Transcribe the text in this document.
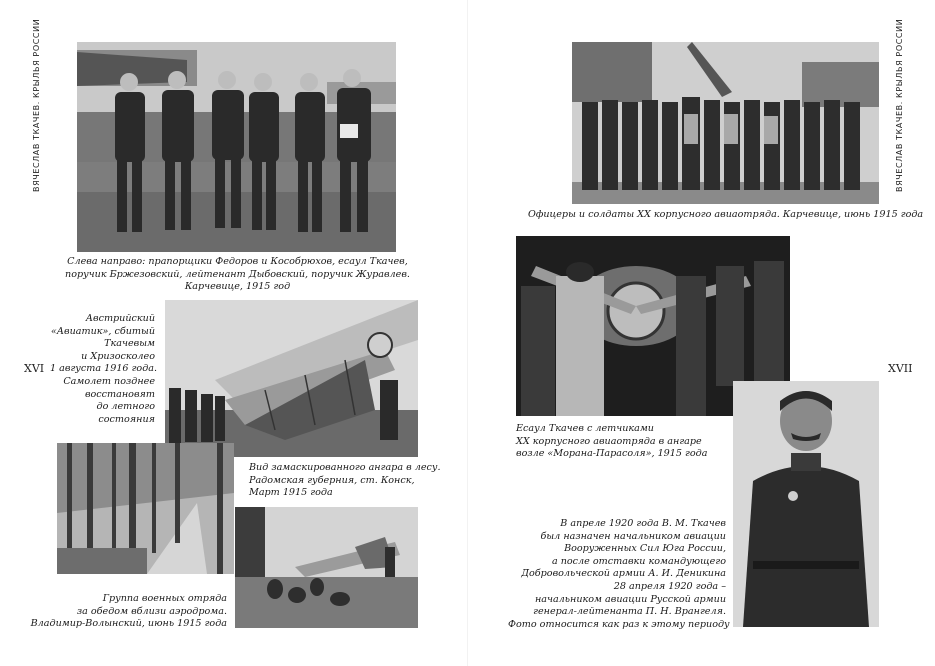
ВЯЧЕСЛАВ ТКАЧЕВ. КРЫЛЬЯ РОССИИ
XVI
Слева направо: прапорщики Федоров и Кособрюхов, есаул Ткачев,
поручик Бржезовский, лейтенант Дыбовский, поручик Журавлев.
Карчевице, 1915 год
Австрийский
«Авиатик», сбитый
Ткачевым
и Хризосколео
1 августа 1916 года.
Самолет позднее
восстановят
до летного
состояния
Вид замаскированного ангара в лесу.
Радомская губерния, ст. Конск,
Март 1915 года
Группа военных отряда
за обедом вблизи аэродрома.
Владимир-Волынский, июнь 1915 года
ВЯЧЕСЛАВ ТКАЧЕВ. КРЫЛЬЯ РОССИИ
XVII
Офицеры и солдаты XX корпусного авиаотряда. Карчевице, июнь 1915 года
Есаул Ткачев с летчиками
XX корпусного авиаотряда в ангаре
возле «Морана-Парасоля», 1915 года
В апреле 1920 года В. М. Ткачев
был назначен начальником авиации
Вооруженных Сил Юга России,
а после отставки командующего
Добровольческой армии А. И. Деникина
28 апреля 1920 года –
начальником авиации Русской армии
генерал-лейтенанта П. Н. Врангеля.
Фото относится как раз к этому периоду
